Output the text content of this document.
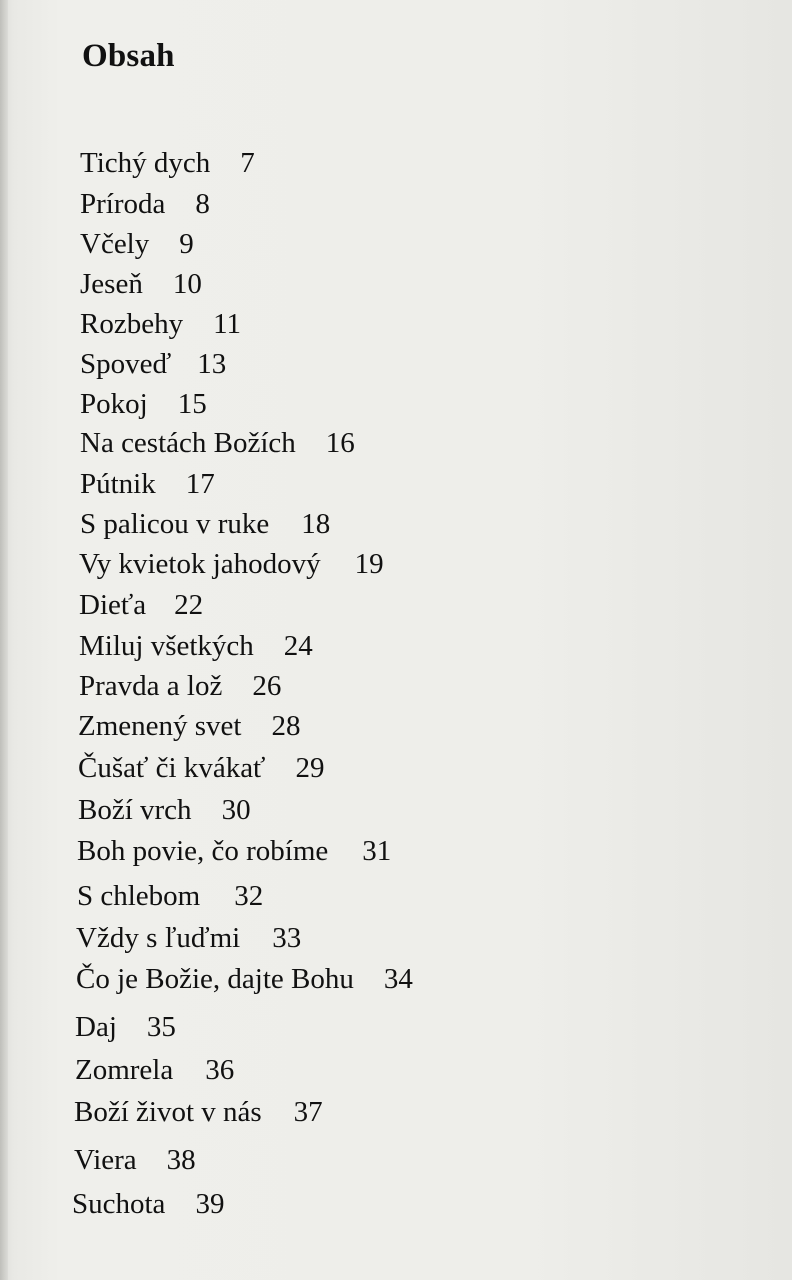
Obsah
Tichý dych 7
Príroda 8
Včely 9
Jeseň 10
Rozbehy 11
Spoveď 13
Pokoj 15
Na cestách Božích 16
Pútnik 17
S palicou v ruke 18
Vy kvietok jahodový 19
Dieťa 22
Miluj všetkých 24
Pravda a lož 26
Zmenený svet 28
Čušať či kvákať 29
Boží vrch 30
Boh povie, čo robíme 31
S chlebom 32
Vždy s ľuďmi 33
Čo je Božie, dajte Bohu 34
Daj 35
Zomrela 36
Boží život v nás 37
Viera 38
Suchota 39
